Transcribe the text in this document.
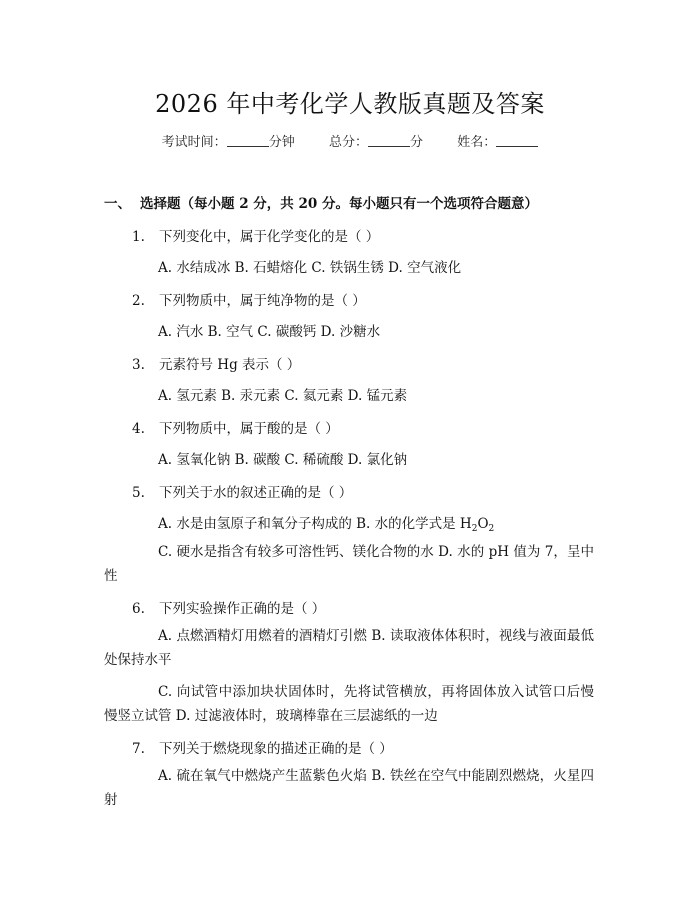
2026 年中考化学人教版真题及答案
考试时间：	分钟	总分：	分	姓名：
一、 选择题（每小题 2 分，共 20 分。每小题只有一个选项符合题意）
1. 下列变化中，属于化学变化的是（ ）
A. 水结成冰 B. 石蜡熔化 C. 铁锅生锈 D. 空气液化
2. 下列物质中，属于纯净物的是（ ）
A. 汽水 B. 空气 C. 碳酸钙 D. 沙糖水
3. 元素符号 Hg 表示（ ）
A. 氢元素 B. 汞元素 C. 氦元素 D. 锰元素
4. 下列物质中，属于酸的是（ ）
A. 氢氧化钠 B. 碳酸 C. 稀硫酸 D. 氯化钠
5. 下列关于水的叙述正确的是（ ）
A. 水是由氢原子和氧分子构成的 B. 水的化学式是 $H_2O_2$
C. 硬水是指含有较多可溶性钙、镁化合物的水 D. 水的 pH 值为 7，呈中性
6. 下列实验操作正确的是（ ）
A. 点燃酒精灯用燃着的酒精灯引燃 B. 读取液体体积时，视线与液面最低处保持水平
C. 向试管中添加块状固体时，先将试管横放，再将固体放入试管口后慢慢竖立试管 D. 过滤液体时，玻璃棒靠在三层滤纸的一边
7. 下列关于燃烧现象的描述正确的是（ ）
A. 硫在氧气中燃烧产生蓝紫色火焰 B. 铁丝在空气中能剧烈燃烧，火星四射
